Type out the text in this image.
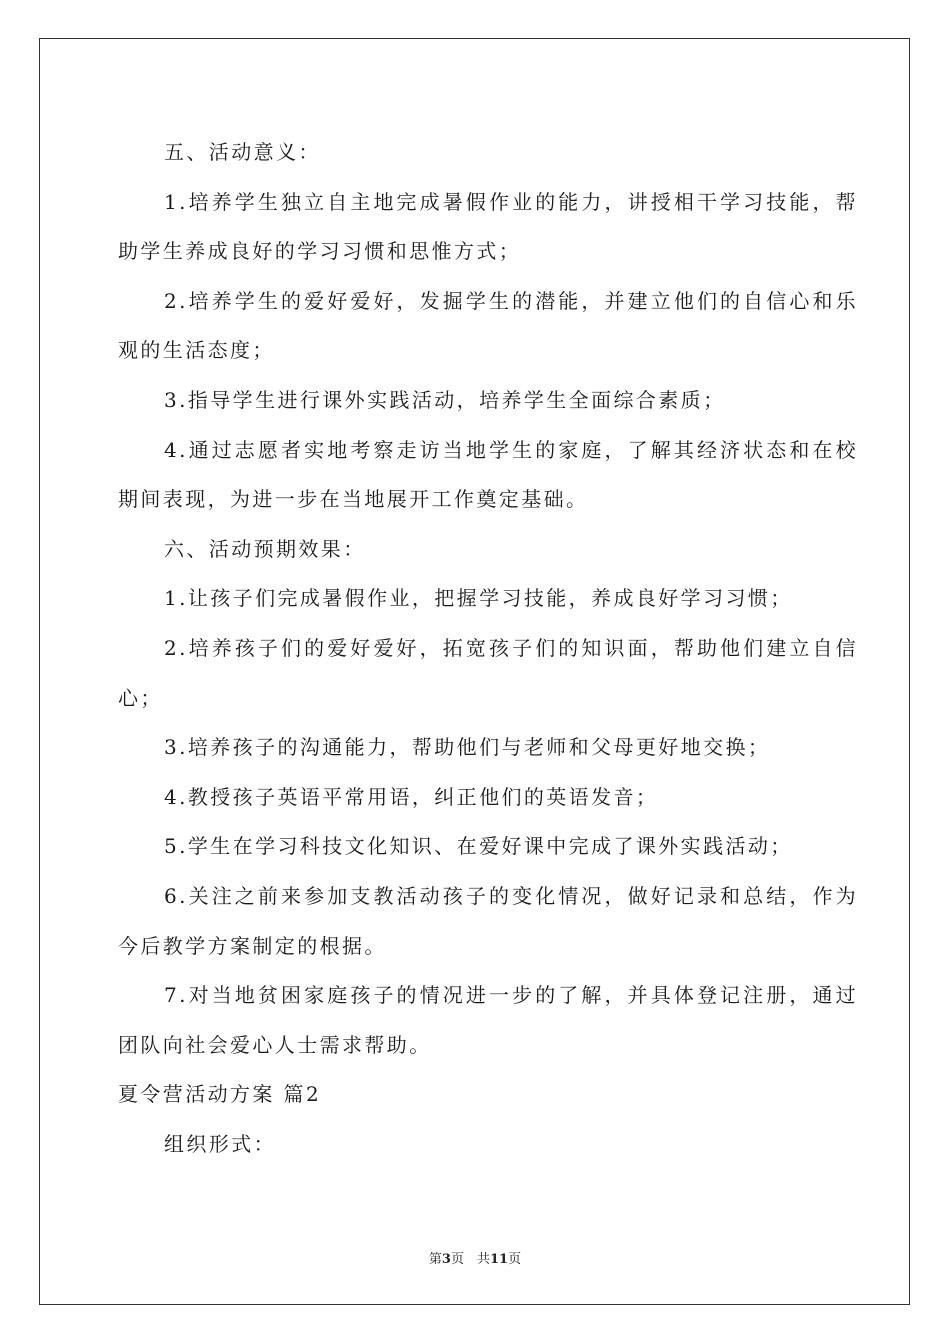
五、活动意义：

1.培养学生独立自主地完成暑假作业的能力，讲授相干学习技能，帮助学生养成良好的学习习惯和思惟方式；

2.培养学生的爱好爱好，发掘学生的潜能，并建立他们的自信心和乐观的生活态度；

3.指导学生进行课外实践活动，培养学生全面综合素质；

4.通过志愿者实地考察走访当地学生的家庭，了解其经济状态和在校期间表现，为进一步在当地展开工作奠定基础。

六、活动预期效果：

1.让孩子们完成暑假作业，把握学习技能，养成良好学习习惯；

2.培养孩子们的爱好爱好，拓宽孩子们的知识面，帮助他们建立自信心；

3.培养孩子的沟通能力，帮助他们与老师和父母更好地交换；

4.教授孩子英语平常用语，纠正他们的英语发音；

5.学生在学习科技文化知识、在爱好课中完成了课外实践活动；

6.关注之前来参加支教活动孩子的变化情况，做好记录和总结，作为今后教学方案制定的根据。

7.对当地贫困家庭孩子的情况进一步的了解，并具体登记注册，通过团队向社会爱心人士需求帮助。

夏令营活动方案 篇2

组织形式：

第3页　共11页
